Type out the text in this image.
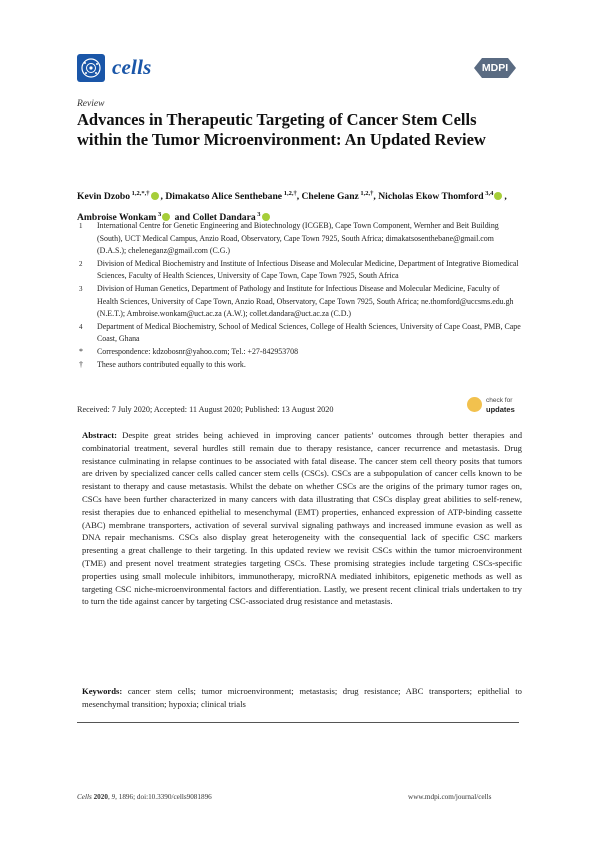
cells	MDPI
Review
Advances in Therapeutic Targeting of Cancer Stem Cells within the Tumor Microenvironment: An Updated Review
Kevin Dzobo $^{1,2,*,\dagger}$ , Dimakatso Alice Senthebane $^{1,2,\dagger}$, Chelene Ganz $^{1,2,\dagger}$, Nicholas Ekow Thomford $^{3,4}$ , Ambroise Wonkam $^3$ and Collet Dandara $^3$
1	International Centre for Genetic Engineering and Biotechnology (ICGEB), Cape Town Component, Wernher and Beit Building (South), UCT Medical Campus, Anzio Road, Observatory, Cape Town 7925, South Africa; dimakatsosenthebane@gmail.com (D.A.S.); cheleneganz@gmail.com (C.G.)
2	Division of Medical Biochemistry and Institute of Infectious Disease and Molecular Medicine, Department of Integrative Biomedical Sciences, Faculty of Health Sciences, University of Cape Town, Cape Town 7925, South Africa
3	Division of Human Genetics, Department of Pathology and Institute for Infectious Disease and Molecular Medicine, Faculty of Health Sciences, University of Cape Town, Anzio Road, Observatory, Cape Town 7925, South Africa; ne.thomford@uccsms.edu.gh (N.E.T.); Ambroise.wonkam@uct.ac.za (A.W.); collet.dandara@uct.ac.za (C.D.)
4	Department of Medical Biochemistry, School of Medical Sciences, College of Health Sciences, University of Cape Coast, PMB, Cape Coast, Ghana
*	Correspondence: kdzobosnr@yahoo.com; Tel.: +27-842953708
†	These authors contributed equally to this work.
Received: 7 July 2020; Accepted: 11 August 2020; Published: 13 August 2020
check for
updates
Abstract: Despite great strides being achieved in improving cancer patients’ outcomes through better therapies and combinatorial treatment, several hurdles still remain due to therapy resistance, cancer recurrence and metastasis. Drug resistance culminating in relapse continues to be associated with fatal disease. The cancer stem cell theory posits that tumors are driven by specialized cancer cells called cancer stem cells (CSCs). CSCs are a subpopulation of cancer cells known to be resistant to therapy and cause metastasis. Whilst the debate on whether CSCs are the origins of the primary tumor rages on, CSCs have been further characterized in many cancers with data illustrating that CSCs display great abilities to self-renew, resist therapies due to enhanced epithelial to mesenchymal (EMT) properties, enhanced expression of ATP-binding cassette (ABC) membrane transporters, activation of several survival signaling pathways and increased immune evasion as well as DNA repair mechanisms. CSCs also display great heterogeneity with the consequential lack of specific CSC markers presenting a great challenge to their targeting. In this updated review we revisit CSCs within the tumor microenvironment (TME) and present novel treatment strategies targeting CSCs. These promising strategies include targeting CSCs-specific properties using small molecule inhibitors, immunotherapy, microRNA mediated inhibitors, epigenetic methods as well as targeting CSC niche-microenvironmental factors and differentiation. Lastly, we present recent clinical trials undertaken to try to turn the tide against cancer by targeting CSC-associated drug resistance and metastasis.
Keywords: cancer stem cells; tumor microenvironment; metastasis; drug resistance; ABC transporters; epithelial to mesenchymal transition; hypoxia; clinical trials
Cells 2020, 9, 1896; doi:10.3390/cells9081896	www.mdpi.com/journal/cells
